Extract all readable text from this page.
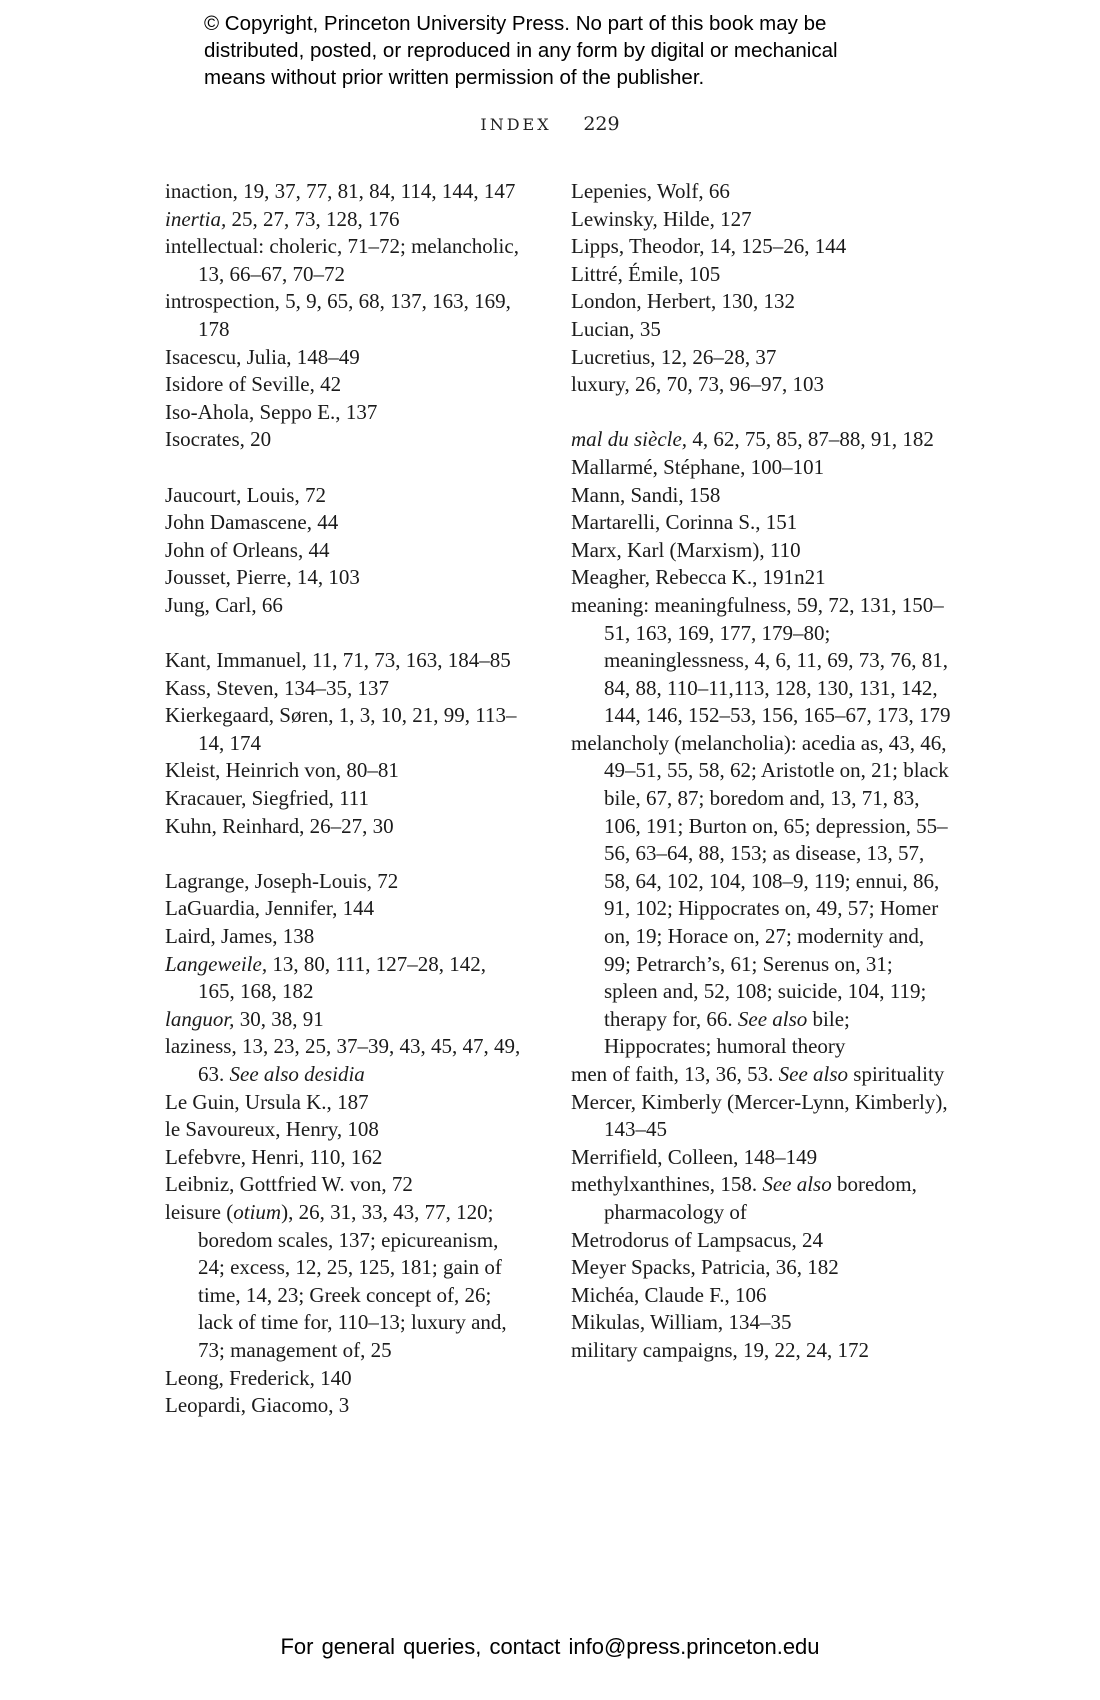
© Copyright, Princeton University Press. No part of this book may be
distributed, posted, or reproduced in any form by digital or mechanical
means without prior written permission of the publisher.
INDEX 229
inaction, 19, 37, 77, 81, 84, 114, 144, 147
inertia, 25, 27, 73, 128, 176
intellectual: choleric, 71–72; melancholic, 13, 66–67, 70–72
introspection, 5, 9, 65, 68, 137, 163, 169, 178
Isacescu, Julia, 148–49
Isidore of Seville, 42
Iso-Ahola, Seppo E., 137
Isocrates, 20
Jaucourt, Louis, 72
John Damascene, 44
John of Orleans, 44
Jousset, Pierre, 14, 103
Jung, Carl, 66
Kant, Immanuel, 11, 71, 73, 163, 184–85
Kass, Steven, 134–35, 137
Kierkegaard, Søren, 1, 3, 10, 21, 99, 113–14, 174
Kleist, Heinrich von, 80–81
Kracauer, Siegfried, 111
Kuhn, Reinhard, 26–27, 30
Lagrange, Joseph-Louis, 72
LaGuardia, Jennifer, 144
Laird, James, 138
Langeweile, 13, 80, 111, 127–28, 142, 165, 168, 182
languor, 30, 38, 91
laziness, 13, 23, 25, 37–39, 43, 45, 47, 49, 63. See also desidia
Le Guin, Ursula K., 187
le Savoureux, Henry, 108
Lefebvre, Henri, 110, 162
Leibniz, Gottfried W. von, 72
leisure (otium), 26, 31, 33, 43, 77, 120; boredom scales, 137; epicureanism, 24; excess, 12, 25, 125, 181; gain of time, 14, 23; Greek concept of, 26; lack of time for, 110–13; luxury and, 73; management of, 25
Leong, Frederick, 140
Leopardi, Giacomo, 3
Lepenies, Wolf, 66
Lewinsky, Hilde, 127
Lipps, Theodor, 14, 125–26, 144
Littré, Émile, 105
London, Herbert, 130, 132
Lucian, 35
Lucretius, 12, 26–28, 37
luxury, 26, 70, 73, 96–97, 103
mal du siècle, 4, 62, 75, 85, 87–88, 91, 182
Mallarmé, Stéphane, 100–101
Mann, Sandi, 158
Martarelli, Corinna S., 151
Marx, Karl (Marxism), 110
Meagher, Rebecca K., 191n21
meaning: meaningfulness, 59, 72, 131, 150–51, 163, 169, 177, 179–80; meaninglessness, 4, 6, 11, 69, 73, 76, 81, 84, 88, 110–11,113, 128, 130, 131, 142, 144, 146, 152–53, 156, 165–67, 173, 179
melancholy (melancholia): acedia as, 43, 46, 49–51, 55, 58, 62; Aristotle on, 21; black bile, 67, 87; boredom and, 13, 71, 83, 106, 191; Burton on, 65; depression, 55–56, 63–64, 88, 153; as disease, 13, 57, 58, 64, 102, 104, 108–9, 119; ennui, 86, 91, 102; Hippocrates on, 49, 57; Homer on, 19; Horace on, 27; modernity and, 99; Petrarch’s, 61; Serenus on, 31; spleen and, 52, 108; suicide, 104, 119; therapy for, 66. See also bile; Hippocrates; humoral theory
men of faith, 13, 36, 53. See also spirituality
Mercer, Kimberly (Mercer-Lynn, Kimberly), 143–45
Merrifield, Colleen, 148–149
methylxanthines, 158. See also boredom, pharmacology of
Metrodorus of Lampsacus, 24
Meyer Spacks, Patricia, 36, 182
Michéa, Claude F., 106
Mikulas, William, 134–35
military campaigns, 19, 22, 24, 172
For general queries, contact info@press.princeton.edu
